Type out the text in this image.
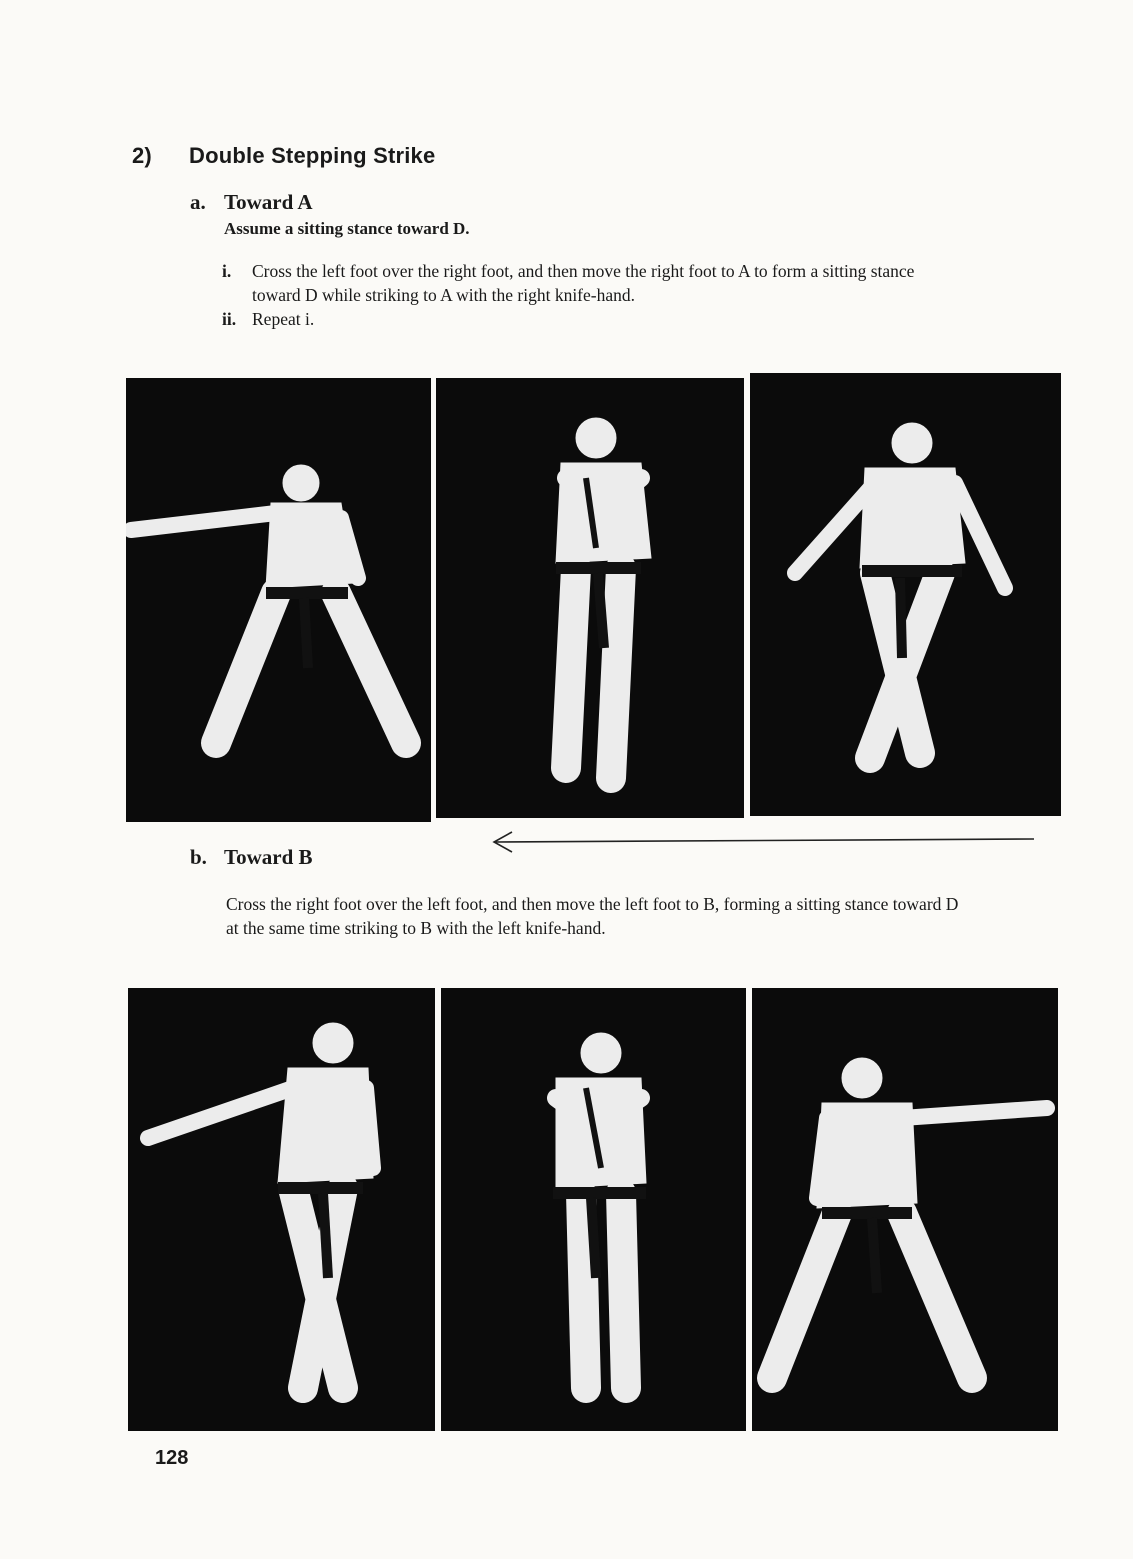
2) Double Stepping Strike
a. Toward A
Assume a sitting stance toward D.

i. Cross the left foot over the right foot, and then move the right foot to A to form a sitting stance toward D while striking to A with the right knife-hand.

ii. Repeat i.

b. Toward B

Cross the right foot over the left foot, and then move the left foot to B, forming a sitting stance toward D at the same time striking to B with the left knife-hand.

128
